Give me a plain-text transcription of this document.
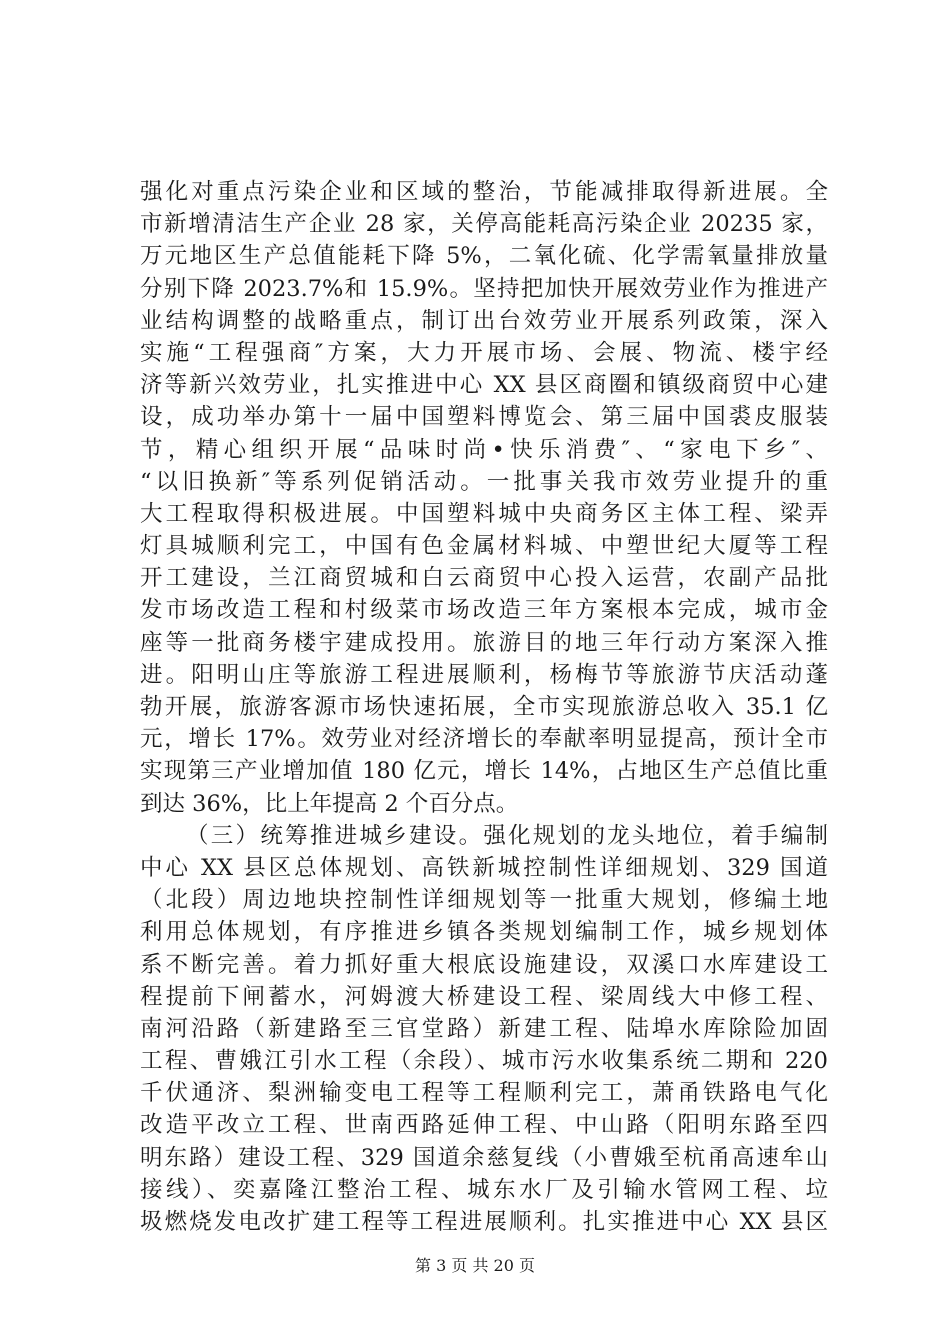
强化对重点污染企业和区域的整治，节能减排取得新进展。全
市新增清洁生产企业 28 家，关停高能耗高污染企业 20235 家，
万元地区生产总值能耗下降 5%，二氧化硫、化学需氧量排放量
分别下降 2023.7%和 15.9%。坚持把加快开展效劳业作为推进产
业结构调整的战略重点，制订出台效劳业开展系列政策，深入
实施“工程强商″方案，大力开展市场、会展、物流、楼宇经
济等新兴效劳业，扎实推进中心 XX 县区商圈和镇级商贸中心建
设，成功举办第十一届中国塑料博览会、第三届中国裘皮服装
节，精心组织开展“品味时尚•快乐消费″、“家电下乡″、
“以旧换新″等系列促销活动。一批事关我市效劳业提升的重
大工程取得积极进展。中国塑料城中央商务区主体工程、梁弄
灯具城顺利完工，中国有色金属材料城、中塑世纪大厦等工程
开工建设，兰江商贸城和白云商贸中心投入运营，农副产品批
发市场改造工程和村级菜市场改造三年方案根本完成，城市金
座等一批商务楼宇建成投用。旅游目的地三年行动方案深入推
进。阳明山庄等旅游工程进展顺利，杨梅节等旅游节庆活动蓬
勃开展，旅游客源市场快速拓展，全市实现旅游总收入 35.1 亿
元，增长 17%。效劳业对经济增长的奉献率明显提高，预计全市
实现第三产业增加值 180 亿元，增长 14%，占地区生产总值比重
到达 36%，比上年提高 2 个百分点。
（三）统筹推进城乡建设。强化规划的龙头地位，着手编制
中心 XX 县区总体规划、高铁新城控制性详细规划、329 国道
（北段）周边地块控制性详细规划等一批重大规划，修编土地
利用总体规划，有序推进乡镇各类规划编制工作，城乡规划体
系不断完善。着力抓好重大根底设施建设，双溪口水库建设工
程提前下闸蓄水，河姆渡大桥建设工程、梁周线大中修工程、
南河沿路（新建路至三官堂路）新建工程、陆埠水库除险加固
工程、曹娥江引水工程（余段）、城市污水收集系统二期和 220
千伏通济、梨洲输变电工程等工程顺利完工，萧甬铁路电气化
改造平改立工程、世南西路延伸工程、中山路（阳明东路至四
明东路）建设工程、329 国道余慈复线（小曹娥至杭甬高速牟山
接线）、奕嘉隆江整治工程、城东水厂及引输水管网工程、垃
圾燃烧发电改扩建工程等工程进展顺利。扎实推进中心 XX 县区
第 3 页 共 20 页
